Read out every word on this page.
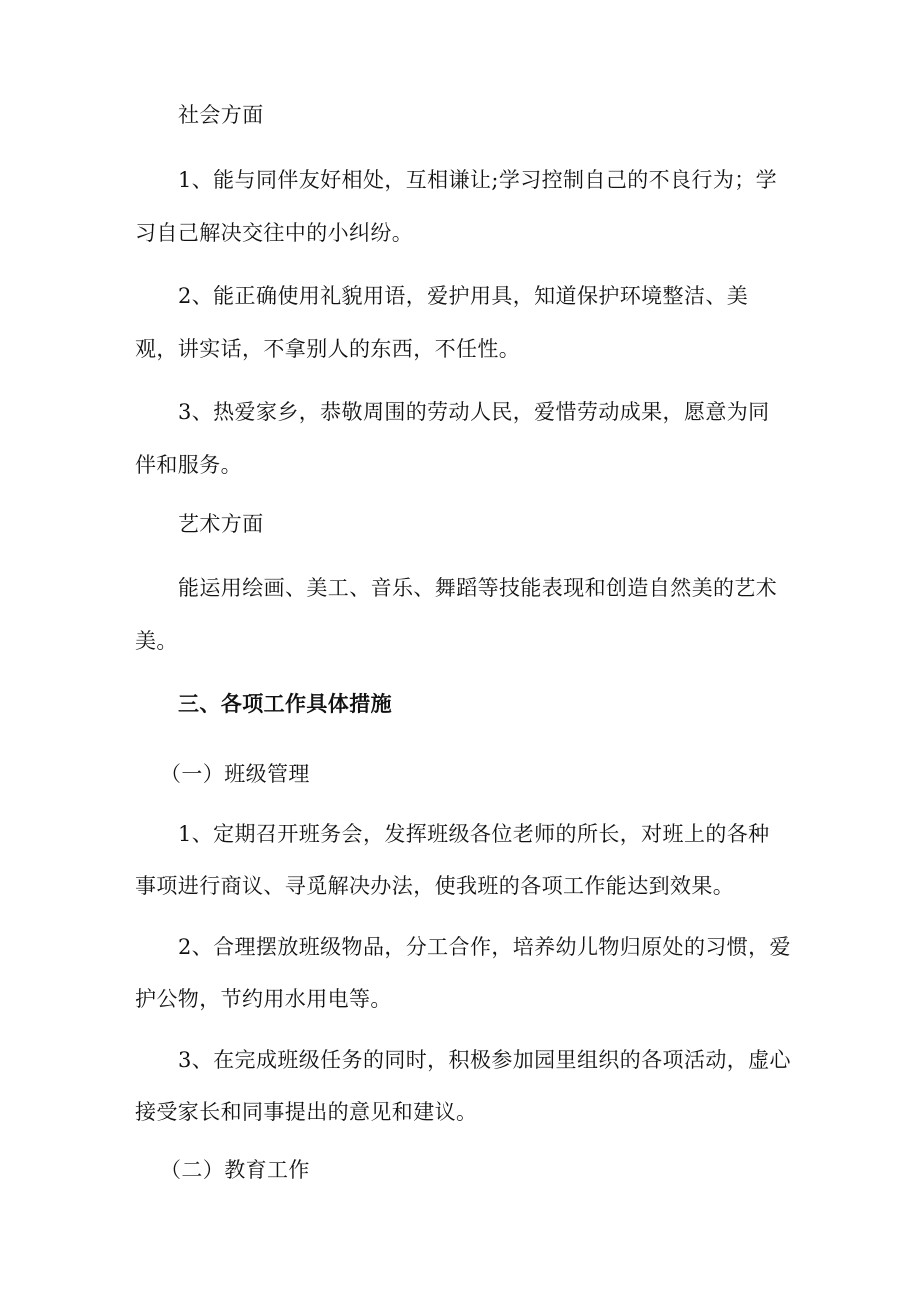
社会方面
1、能与同伴友好相处，互相谦让;学习控制自己的不良行为；学
习自己解决交往中的小纠纷。
2、能正确使用礼貌用语，爱护用具，知道保护环境整洁、美
观，讲实话，不拿别人的东西，不任性。
3、热爱家乡，恭敬周围的劳动人民，爱惜劳动成果，愿意为同
伴和服务。
艺术方面
能运用绘画、美工、音乐、舞蹈等技能表现和创造自然美的艺术
美。
三、各项工作具体措施
（一）班级管理
1、定期召开班务会，发挥班级各位老师的所长，对班上的各种
事项进行商议、寻觅解决办法，使我班的各项工作能达到效果。
2、合理摆放班级物品，分工合作，培养幼儿物归原处的习惯，爱
护公物，节约用水用电等。
3、在完成班级任务的同时，积极参加园里组织的各项活动，虚心
接受家长和同事提出的意见和建议。
（二）教育工作
